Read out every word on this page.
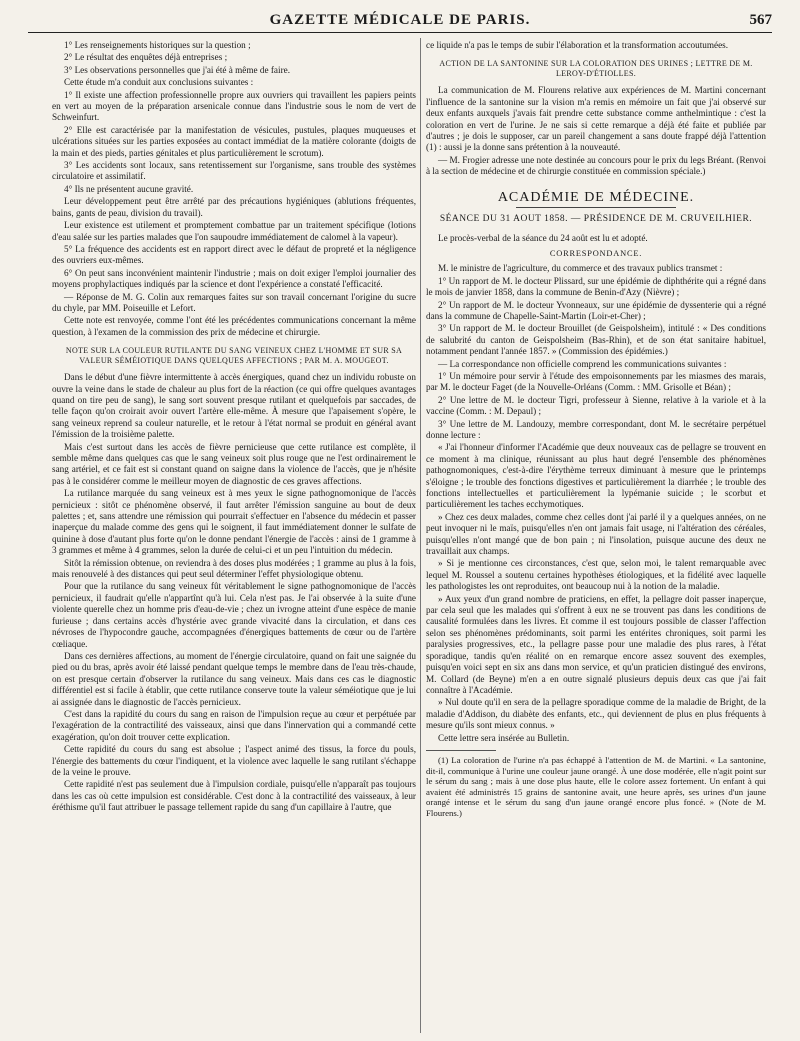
GAZETTE MÉDICALE DE PARIS.	567

1° Les renseignements historiques sur la question ;

2° Le résultat des enquêtes déjà entreprises ;

3° Les observations personnelles que j'ai été à même de faire.

Cette étude m'a conduit aux conclusions suivantes :

1° Il existe une affection professionnelle propre aux ouvriers qui travaillent les papiers peints en vert au moyen de la préparation arsenicale connue dans l'industrie sous le nom de vert de Schweinfurt.

2° Elle est caractérisée par la manifestation de vésicules, pustules, plaques muqueuses et ulcérations situées sur les parties exposées au contact immédiat de la matière colorante (doigts de la main et des pieds, parties génitales et plus particulièrement le scrotum).

3° Les accidents sont locaux, sans retentissement sur l'organisme, sans trouble des systèmes circulatoire et assimilatif.

4° Ils ne présentent aucune gravité.

Leur développement peut être arrêté par des précautions hygiéniques (ablutions fréquentes, bains, gants de peau, division du travail).

Leur existence est utilement et promptement combattue par un traitement spécifique (lotions d'eau salée sur les parties malades que l'on saupoudre immédiatement de calomel à la vapeur).

5° La fréquence des accidents est en rapport direct avec le défaut de propreté et la négligence des ouvriers eux-mêmes.

6° On peut sans inconvénient maintenir l'industrie ; mais on doit exiger l'emploi journalier des moyens prophylactiques indiqués par la science et dont l'expérience a constaté l'efficacité.

— Réponse de M. G. Colin aux remarques faites sur son travail concernant l'origine du sucre du chyle, par MM. Poiseuille et Lefort.

Cette note est renvoyée, comme l'ont été les précédentes communications concernant la même question, à l'examen de la commission des prix de médecine et chirurgie.

NOTE SUR LA COULEUR RUTILANTE DU SANG VEINEUX CHEZ L'HOMME ET SUR SA VALEUR SÉMÉIOTIQUE DANS QUELQUES AFFECTIONS ; PAR M. A. MOUGEOT.

Dans le début d'une fièvre intermittente à accès énergiques, quand chez un individu robuste on ouvre la veine dans le stade de chaleur au plus fort de la réaction (ce qui offre quelques avantages quand on tire peu de sang), le sang sort souvent presque rutilant et quelquefois par saccades, de telle façon qu'on croirait avoir ouvert l'artère elle-même. À mesure que l'apaisement s'opère, le sang veineux reprend sa couleur naturelle, et le retour à l'état normal se produit en général avant l'émission de la troisième palette.

Mais c'est surtout dans les accès de fièvre pernicieuse que cette rutilance est complète, il semble même dans quelques cas que le sang veineux soit plus rouge que ne l'est ordinairement le sang artériel, et ce fait est si constant quand on saigne dans la violence de l'accès, que je n'hésite pas à le considérer comme le meilleur moyen de diagnostic de ces graves affections.

La rutilance marquée du sang veineux est à mes yeux le signe pathognomonique de l'accès pernicieux : sitôt ce phénomène observé, il faut arrêter l'émission sanguine au bout de deux palettes ; et, sans attendre une rémission qui pourrait s'effectuer en l'absence du médecin et passer inaperçue du malade comme des gens qui le soignent, il faut immédiatement donner le sulfate de quinine à dose d'autant plus forte qu'on le donne pendant l'énergie de l'accès : ainsi de 1 gramme à 3 grammes et même à 4 grammes, selon la durée de celui-ci et un peu l'intuition du médecin.

Sitôt la rémission obtenue, on reviendra à des doses plus modérées ; 1 gramme au plus à la fois, mais renouvelé à des distances qui peut seul déterminer l'effet physiologique obtenu.

Pour que la rutilance du sang veineux fût véritablement le signe pathognomonique de l'accès pernicieux, il faudrait qu'elle n'appartînt qu'à lui. Cela n'est pas. Je l'ai observée à la suite d'une violente querelle chez un homme pris d'eau-de-vie ; chez un ivrogne atteint d'une espèce de manie furieuse ; dans certains accès d'hystérie avec grande vivacité dans la circulation, et dans ces névroses de l'hypocondre gauche, accompagnées d'énergiques battements de cœur ou de l'artère cœliaque.

Dans ces dernières affections, au moment de l'énergie circulatoire, quand on fait une saignée du pied ou du bras, après avoir été laissé pendant quelque temps le membre dans de l'eau très-chaude, on est presque certain d'observer la rutilance du sang veineux. Mais dans ces cas le diagnostic différentiel est si facile à établir, que cette rutilance conserve toute la valeur séméiotique que je lui ai assignée dans le diagnostic de l'accès pernicieux.

C'est dans la rapidité du cours du sang en raison de l'impulsion reçue au cœur et perpétuée par l'exagération de la contractilité des vaisseaux, ainsi que dans l'innervation qui a commandé cette exagération, qu'on doit trouver cette explication.

Cette rapidité du cours du sang est absolue ; l'aspect animé des tissus, la force du pouls, l'énergie des battements du cœur l'indiquent, et la violence avec laquelle le sang rutilant s'échappe de la veine le prouve.

Cette rapidité n'est pas seulement due à l'impulsion cordiale, puisqu'elle n'apparaît pas toujours dans les cas où cette impulsion est considérable. C'est donc à la contractilité des vaisseaux, à leur éréthisme qu'il faut attribuer le passage tellement rapide du sang d'un capillaire à l'autre, que

ce liquide n'a pas le temps de subir l'élaboration et la transformation accoutumées.

ACTION DE LA SANTONINE SUR LA COLORATION DES URINES ; LETTRE DE M. LEROY-D'ÉTIOLLES.

La communication de M. Flourens relative aux expériences de M. Martini concernant l'influence de la santonine sur la vision m'a remis en mémoire un fait que j'ai observé sur deux enfants auxquels j'avais fait prendre cette substance comme anthelmintique : c'est la coloration en vert de l'urine. Je ne sais si cette remarque a déjà été faite et publiée par d'autres ; je dois le supposer, car un pareil changement a sans doute frappé déjà l'attention (1) : aussi je la donne sans prétention à la nouveauté.

— M. Frogier adresse une note destinée au concours pour le prix du legs Bréant. (Renvoi à la section de médecine et de chirurgie constituée en commission spéciale.)

ACADÉMIE DE MÉDECINE.

SÉANCE DU 31 AOUT 1858. — PRÉSIDENCE DE M. CRUVEILHIER.

Le procès-verbal de la séance du 24 août est lu et adopté.

CORRESPONDANCE.

M. le ministre de l'agriculture, du commerce et des travaux publics transmet :

1° Un rapport de M. le docteur Plissard, sur une épidémie de diphthérite qui a régné dans le mois de janvier 1858, dans la commune de Benin-d'Azy (Nièvre) ;

2° Un rapport de M. le docteur Yvonneaux, sur une épidémie de dyssenterie qui a régné dans la commune de Chapelle-Saint-Martin (Loir-et-Cher) ;

3° Un rapport de M. le docteur Brouillet (de Geispolsheim), intitulé : « Des conditions de salubrité du canton de Geispolsheim (Bas-Rhin), et de son état sanitaire habituel, notamment pendant l'année 1857. » (Commission des épidémies.)

— La correspondance non officielle comprend les communications suivantes :

1° Un mémoire pour servir à l'étude des empoisonnements par les miasmes des marais, par M. le docteur Faget (de la Nouvelle-Orléans (Comm. : MM. Grisolle et Béan) ;

2° Une lettre de M. le docteur Tigri, professeur à Sienne, relative à la variole et à la vaccine (Comm. : M. Depaul) ;

3° Une lettre de M. Landouzy, membre correspondant, dont M. le secrétaire perpétuel donne lecture :

« J'ai l'honneur d'informer l'Académie que deux nouveaux cas de pellagre se trouvent en ce moment à ma clinique, réunissant au plus haut degré l'ensemble des phénomènes pathognomoniques, c'est-à-dire l'érythème terreux diminuant à mesure que le printemps s'éloigne ; le trouble des fonctions digestives et particulièrement la diarrhée ; le trouble des fonctions intellectuelles et particulièrement la lypémanie suicide ; le scorbut et particulièrement les taches ecchymotiques.

» Chez ces deux malades, comme chez celles dont j'ai parlé il y a quelques années, on ne peut invoquer ni le maïs, puisqu'elles n'en ont jamais fait usage, ni l'altération des céréales, puisqu'elles n'ont mangé que de bon pain ; ni l'insolation, puisque aucune des deux ne travaillait aux champs.

» Si je mentionne ces circonstances, c'est que, selon moi, le talent remarquable avec lequel M. Roussel a soutenu certaines hypothèses étiologiques, et la fidélité avec laquelle les pathologistes les ont reproduites, ont beaucoup nui à la notion de la maladie.

» Aux yeux d'un grand nombre de praticiens, en effet, la pellagre doit passer inaperçue, par cela seul que les malades qui s'offrent à eux ne se trouvent pas dans les conditions de causalité formulées dans les livres. Et comme il est toujours possible de classer l'affection selon ses phénomènes prédominants, soit parmi les entérites chroniques, soit parmi les paralysies progressives, etc., la pellagre passe pour une maladie des plus rares, à l'état sporadique, tandis qu'en réalité on en remarque encore assez souvent des exemples, puisqu'en voici sept en six ans dans mon service, et qu'un praticien distingué des environs, M. Collard (de Beyne) m'en a en outre signalé plusieurs depuis deux cas que j'ai fait connaître à l'Académie.

» Nul doute qu'il en sera de la pellagre sporadique comme de la maladie de Bright, de la maladie d'Addison, du diabète des enfants, etc., qui deviennent de plus en plus fréquents à mesure qu'ils sont mieux connus. »

Cette lettre sera insérée au Bulletin.

(1) La coloration de l'urine n'a pas échappé à l'attention de M. de Martini. « La santonine, dit-il, communique à l'urine une couleur jaune orangé. À une dose modérée, elle n'agit point sur le sérum du sang ; mais à une dose plus haute, elle le colore assez fortement. Un enfant à qui avaient été administrés 15 grains de santonine avait, une heure après, ses urines d'un jaune orangé intense et le sérum du sang d'un jaune orangé encore plus foncé. » (Note de M. Flourens.)
